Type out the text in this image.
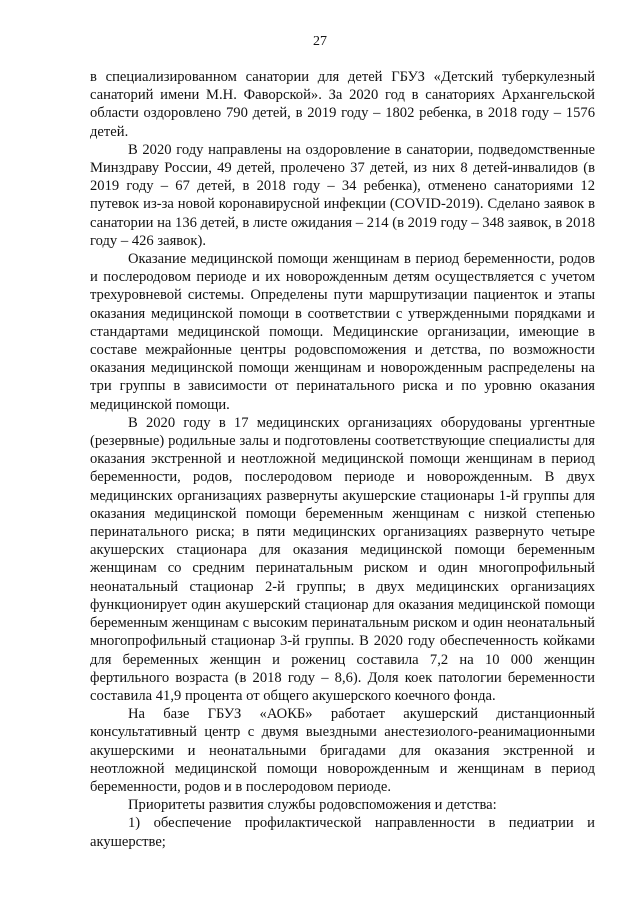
27

в специализированном санатории для детей ГБУЗ «Детский туберкулезный санаторий имени М.Н. Фаворской». За 2020 год в санаториях Архангельской области оздоровлено 790 детей, в 2019 году – 1802 ребенка, в 2018 году – 1576 детей.

В 2020 году направлены на оздоровление в санатории, подведомственные Минздраву России, 49 детей, пролечено 37 детей, из них 8 детей-инвалидов (в 2019 году – 67 детей, в 2018 году – 34 ребенка), отменено санаториями 12 путевок из-за новой коронавирусной инфекции (COVID-2019). Сделано заявок в санатории на 136 детей, в листе ожидания – 214 (в 2019 году – 348 заявок, в 2018 году – 426 заявок).

Оказание медицинской помощи женщинам в период беременности, родов и послеродовом периоде и их новорожденным детям осуществляется с учетом трехуровневой системы. Определены пути маршрутизации пациенток и этапы оказания медицинской помощи в соответствии с утвержденными порядками и стандартами медицинской помощи. Медицинские организации, имеющие в составе межрайонные центры родовспоможения и детства, по возможности оказания медицинской помощи женщинам и новорожденным распределены на три группы в зависимости от перинатального риска и по уровню оказания медицинской помощи.

В 2020 году в 17 медицинских организациях оборудованы ургентные (резервные) родильные залы и подготовлены соответствующие специалисты для оказания экстренной и неотложной медицинской помощи женщинам в период беременности, родов, послеродовом периоде и новорожденным. В двух медицинских организациях развернуты акушерские стационары 1-й группы для оказания медицинской помощи беременным женщинам с низкой степенью перинатального риска; в пяти медицинских организациях развернуто четыре акушерских стационара для оказания медицинской помощи беременным женщинам со средним перинатальным риском и один многопрофильный неонатальный стационар 2-й группы; в двух медицинских организациях функционирует один акушерский стационар для оказания медицинской помощи беременным женщинам с высоким перинатальным риском и один неонатальный многопрофильный стационар 3-й группы. В 2020 году обеспеченность койками для беременных женщин и рожениц составила 7,2 на 10 000 женщин фертильного возраста (в 2018 году – 8,6). Доля коек патологии беременности составила 41,9 процента от общего акушерского коечного фонда.

На базе ГБУЗ «АОКБ» работает акушерский дистанционный консультативный центр с двумя выездными анестезиолого-реанимационными акушерскими и неонатальными бригадами для оказания экстренной и неотложной медицинской помощи новорожденным и женщинам в период беременности, родов и в послеродовом периоде.

Приоритеты развития службы родовспоможения и детства:

1) обеспечение профилактической направленности в педиатрии и акушерстве;
